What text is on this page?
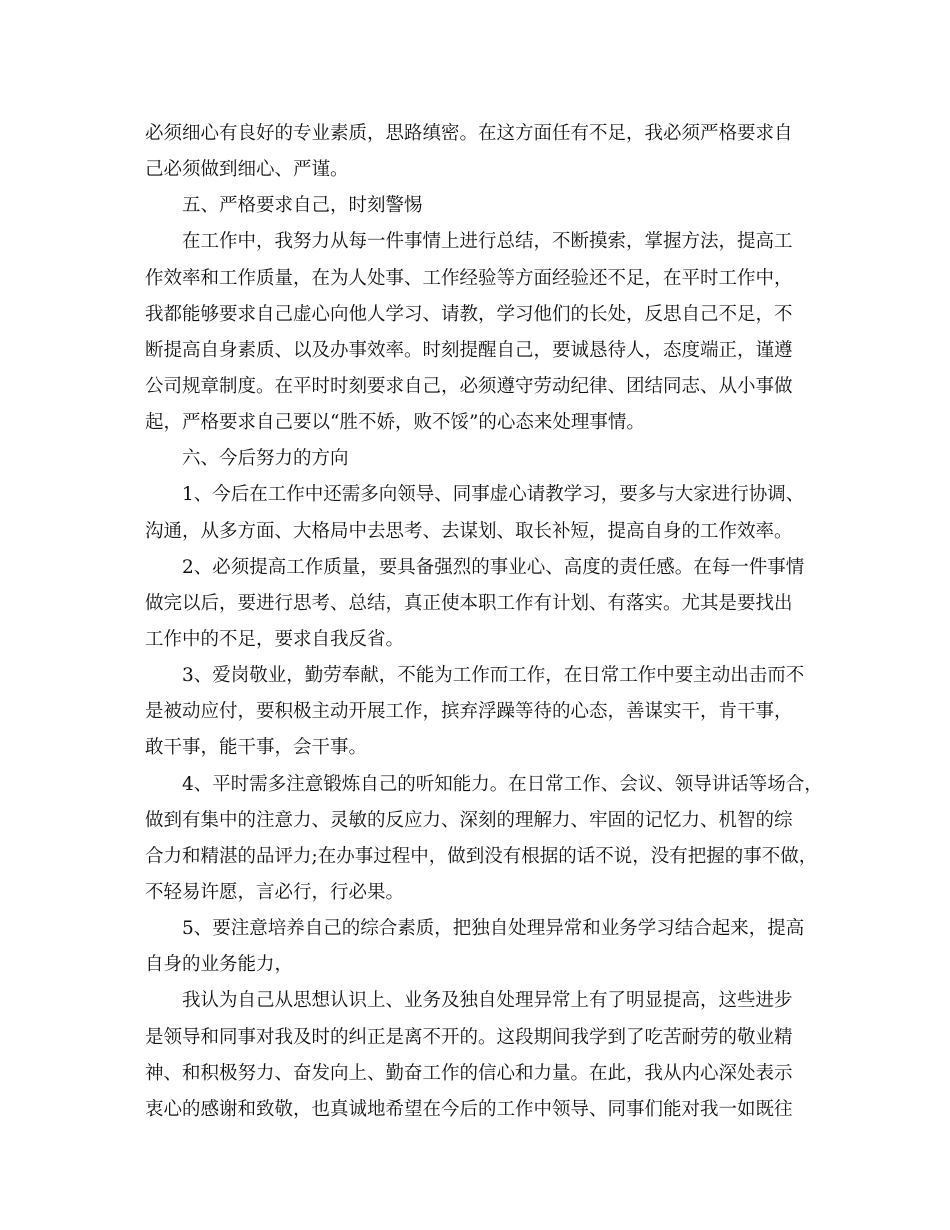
必须细心有良好的专业素质，思路缜密。在这方面任有不足，我必须严格要求自
己必须做到细心、严谨。
五、严格要求自己，时刻警惕
在工作中，我努力从每一件事情上进行总结，不断摸索，掌握方法，提高工
作效率和工作质量，在为人处事、工作经验等方面经验还不足，在平时工作中，
我都能够要求自己虚心向他人学习、请教，学习他们的长处，反思自己不足，不
断提高自身素质、以及办事效率。时刻提醒自己，要诚恳待人，态度端正，谨遵
公司规章制度。在平时时刻要求自己，必须遵守劳动纪律、团结同志、从小事做
起，严格要求自己要以“胜不娇，败不馁”的心态来处理事情。
六、今后努力的方向
1、今后在工作中还需多向领导、同事虚心请教学习，要多与大家进行协调、
沟通，从多方面、大格局中去思考、去谋划、取长补短，提高自身的工作效率。
2、必须提高工作质量，要具备强烈的事业心、高度的责任感。在每一件事情
做完以后，要进行思考、总结，真正使本职工作有计划、有落实。尤其是要找出
工作中的不足，要求自我反省。
3、爱岗敬业，勤劳奉献，不能为工作而工作，在日常工作中要主动出击而不
是被动应付，要积极主动开展工作，摈弃浮躁等待的心态，善谋实干，肯干事，
敢干事，能干事，会干事。
4、平时需多注意锻炼自己的听知能力。在日常工作、会议、领导讲话等场合，
做到有集中的注意力、灵敏的反应力、深刻的理解力、牢固的记忆力、机智的综
合力和精湛的品评力;在办事过程中，做到没有根据的话不说，没有把握的事不做，
不轻易许愿，言必行，行必果。
5、要注意培养自己的综合素质，把独自处理异常和业务学习结合起来，提高
自身的业务能力，
我认为自己从思想认识上、业务及独自处理异常上有了明显提高，这些进步
是领导和同事对我及时的纠正是离不开的。这段期间我学到了吃苦耐劳的敬业精
神、和积极努力、奋发向上、勤奋工作的信心和力量。在此，我从内心深处表示
衷心的感谢和致敬，也真诚地希望在今后的工作中领导、同事们能对我一如既往
